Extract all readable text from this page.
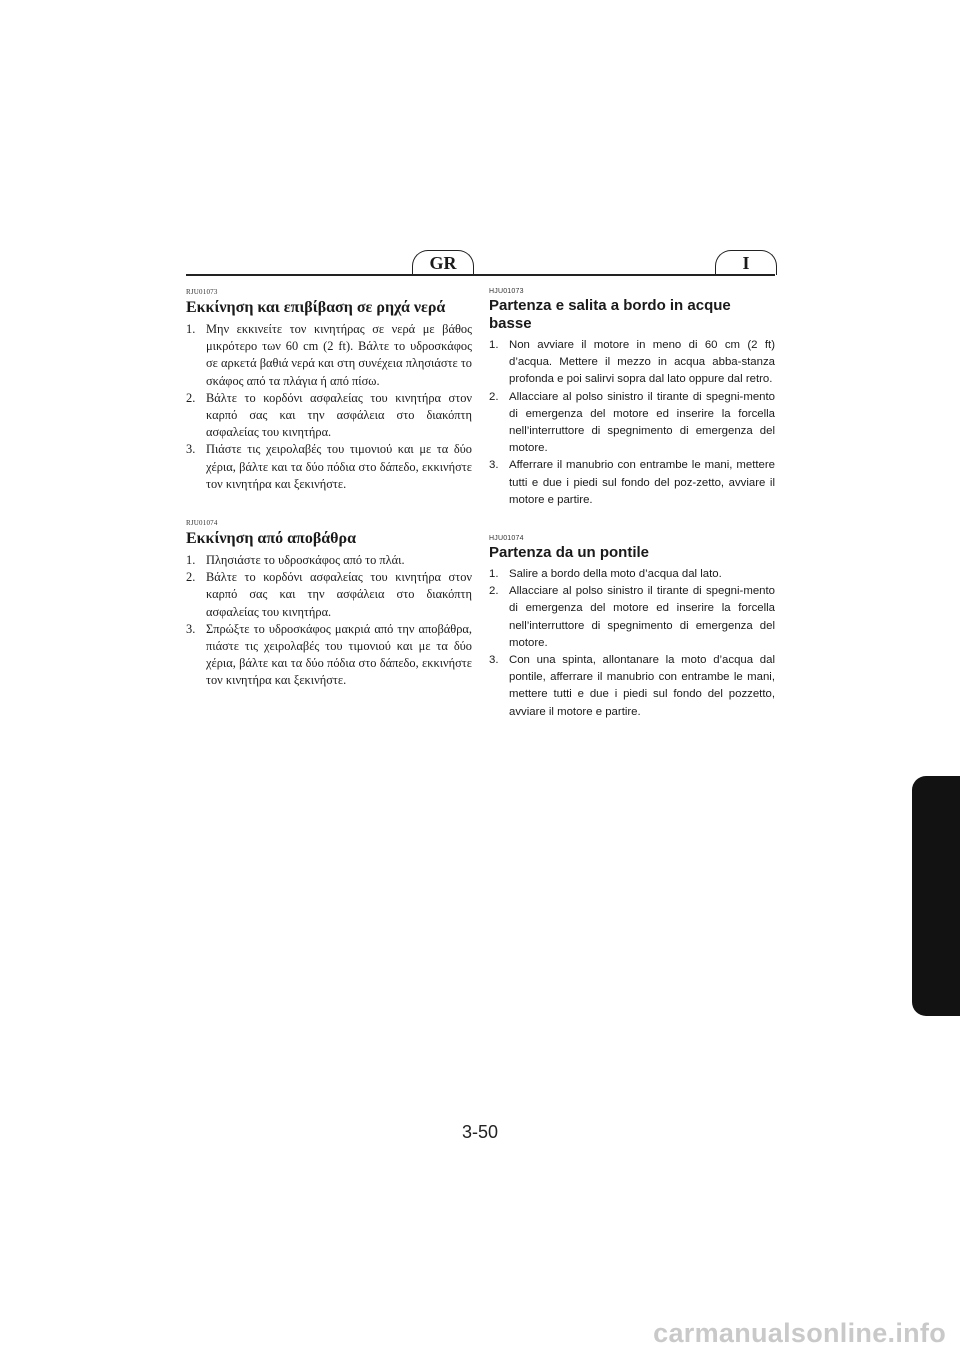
GR	I
RJU01073
Εκκίνηση και επιβίβαση σε ρηχά νερά
1. Μην εκκινείτε τον κινητήρας σε νερά με βάθος μικρότερο των 60 cm (2 ft). Βάλτε το υδροσκάφος σε αρκετά βαθιά νερά και στη συνέχεια πλησιάστε το σκάφος από τα πλάγια ή από πίσω.
2. Βάλτε το κορδόνι ασφαλείας του κινητήρα στον καρπό σας και την ασφάλεια στο διακόπτη ασφαλείας του κινητήρα.
3. Πιάστε τις χειρολαβές του τιμονιού και με τα δύο χέρια, βάλτε και τα δύο πόδια στο δάπεδο, εκκινήστε τον κινητήρα και ξεκινήστε.
RJU01074
Εκκίνηση από αποβάθρα
1. Πλησιάστε το υδροσκάφος από το πλάι.
2. Βάλτε το κορδόνι ασφαλείας του κινητήρα στον καρπό σας και την ασφάλεια στο διακόπτη ασφαλείας του κινητήρα.
3. Σπρώξτε το υδροσκάφος μακριά από την αποβάθρα, πιάστε τις χειρολαβές του τιμονιού και με τα δύο χέρια, βάλτε και τα δύο πόδια στο δάπεδο, εκκινήστε τον κινητήρα και ξεκινήστε.
HJU01073
Partenza e salita a bordo in acque basse
1. Non avviare il motore in meno di 60 cm (2 ft) d’acqua. Mettere il mezzo in acqua abba-stanza profonda e poi salirvi sopra dal lato oppure dal retro.
2. Allacciare al polso sinistro il tirante di spegni-mento di emergenza del motore ed inserire la forcella nell’interruttore di spegnimento di emergenza del motore.
3. Afferrare il manubrio con entrambe le mani, mettere tutti e due i piedi sul fondo del poz-zetto, avviare il motore e partire.
HJU01074
Partenza da un pontile
1. Salire a bordo della moto d’acqua dal lato.
2. Allacciare al polso sinistro il tirante di spegni-mento di emergenza del motore ed inserire la forcella nell’interruttore di spegnimento di emergenza del motore.
3. Con una spinta, allontanare la moto d’acqua dal pontile, afferrare il manubrio con entrambe le mani, mettere tutti e due i piedi sul fondo del pozzetto, avviare il motore e partire.
3-50
carmanualsonline.info
